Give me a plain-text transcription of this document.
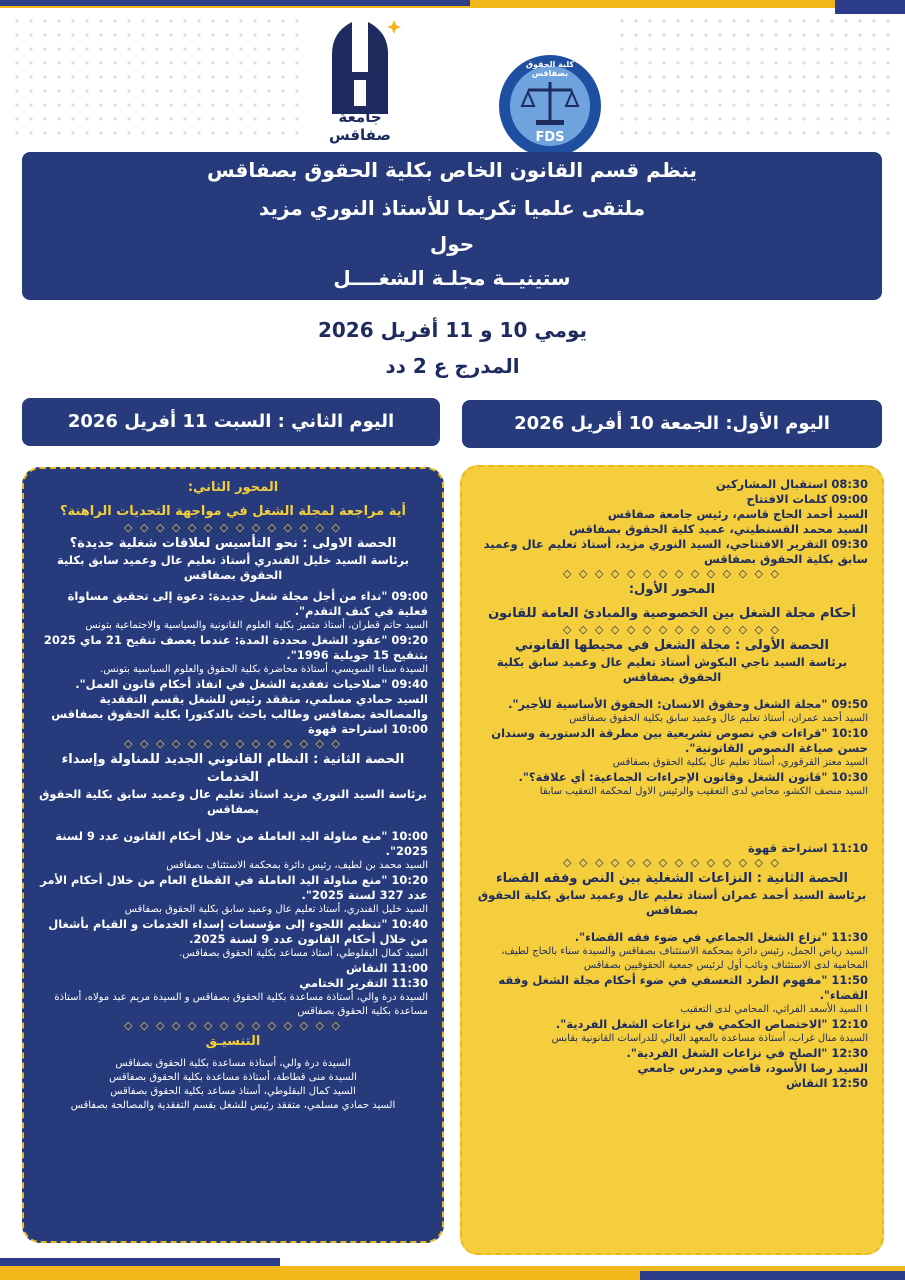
جامعة صفاقس
كلية الحقوق بصفاقس
FDS
ينظم قسم القانون الخاص بكلية الحقوق بصفاقس
ملتقى علميا تكريما للأستاذ النوري مزيد
حول
ستينيــة مجلـة الشغــــل
يومي 10 و 11 أفريل 2026
المدرج ع 2 دد
اليوم الأول: الجمعة 10 أفريل 2026
اليوم الثاني : السبت 11 أفريل 2026

08:30 استقبال المشاركين

09:00 كلمات الافتتاح

السيد أحمد الحاج قاسم، رئيس جامعة صفاقس

السيد محمد القسنطيني، عميد كلية الحقوق بصفاقس

09:30 التقرير الافتتاحي، السيد النوري مزيد، أستاذ تعليم عال وعميد سابق بكلية الحقوق بصفاقس

◇ ◇ ◇ ◇ ◇ ◇ ◇ ◇ ◇ ◇ ◇ ◇ ◇ ◇

المحور الأول:

أحكام مجلة الشغل بين الخصوصية والمبادئ العامة للقانون

◇ ◇ ◇ ◇ ◇ ◇ ◇ ◇ ◇ ◇ ◇ ◇ ◇ ◇

الحصة الأولى : مجلة الشغل في محيطها القانوني

برئاسة السيد ناجي البكوش أستاذ تعليم عال وعميد سابق بكلية الحقوق بصفاقس

09:50 "مجلة الشغل وحقوق الانسان: الحقوق الأساسية للأجير".

السيد أحمد عمران، أستاذ تعليم عال وعميد سابق بكلية الحقوق بصفاقس

10:10 "قراءات في نصوص تشريعية بين مطرقة الدستورية وسندان حسن صياغة النصوص القانونية".

السيد معتز القرقوري، أستاذ تعليم عال بكلية الحقوق بصفاقس

10:30 "قانون الشغل وقانون الإجراءات الجماعية: أي علاقة؟".

السيد منصف الكشو، محامي لدى التعقيب والرئيس الاول لمحكمة التعقيب سابقا

11:10 استراحة قهوة

◇ ◇ ◇ ◇ ◇ ◇ ◇ ◇ ◇ ◇ ◇ ◇ ◇ ◇

الحصة الثانية : النزاعات الشغلية بين النص وفقه القضاء

برئاسة السيد أحمد عمران أستاذ تعليم عال وعميد سابق بكلية الحقوق بصفاقس

11:30 "نزاع الشغل الجماعي في ضوء فقه القضاء".

السيد رياض الجمل، رئيس دائرة بمحكمة الاستئناف بصفاقس والسيدة سناء بالحاج لطيف، المحامية لدى الاستئناف ونائب أول لرئيس جمعية الحقوقيين بصفاقس

11:50 "مفهوم الطرد التعسفي في ضوء أحكام مجلة الشغل وفقه القضاء".

ا السيد الأسعد الفراتي، المحامي لدى التعقيب

12:10 "الاختصاص الحكمي في نزاعات الشغل الفردية".

السيدة منال غراب، أستاذة مساعدة بالمعهد العالي للدراسات القانونية بقابس

12:30 "الصلح في نزاعات الشغل الفردية".

السيد رضا الأسود، قاضي ومدرس جامعي

12:50 النقاش

المحور الثاني:

أية مراجعة لمجلة الشغل في مواجهة التحديات الراهنة؟

◇ ◇ ◇ ◇ ◇ ◇ ◇ ◇ ◇ ◇ ◇ ◇ ◇ ◇

الحصة الاولى : نحو التأسيس لعلاقات شغلية جديدة؟

برئاسة السيد خليل الفندري أستاذ تعليم عال وعميد سابق بكلية الحقوق بصفاقس

09:00 "نداء من أجل مجلة شغل جديدة: دعوة إلى تحقيق مساواة فعلية في كنف التقدم".

السيد حاتم قطران، أستاذ متميز بكلية العلوم القانونية والسياسية والاجتماعية بتونس

09:20 "عقود الشغل محددة المدة: عندما يعصف تنقيح 21 ماي 2025 بتنقيح 15 جويلية 1996".

السيدة سناء السويسي، أستاذة محاضرة بكلية الحقوق والعلوم السياسية بتونس.

09:40 "صلاحيات تفقدية الشغل في انفاذ أحكام قانون العمل".

السيد حمادي مسلمي، متفقد رئيس للشغل بقسم التفقدية والمصالحة بصفاقس وطالب باحث بالدكتورا بكلية الحقوق بصفاقس

10:00 استراحة قهوة

◇ ◇ ◇ ◇ ◇ ◇ ◇ ◇ ◇ ◇ ◇ ◇ ◇ ◇

الحصة الثانية : النظام القانوني الجديد للمناولة وإسداء الخدمات

برئاسة السيد النوري مزيد استاذ تعليم عال وعميد سابق بكلية الحقوق بصفاقس

10:00 "منع مناولة اليد العاملة من خلال أحكام القانون عدد 9 لسنة 2025".

السيد محمد بن لطيف، رئيس دائرة بمحكمة الاستئناف بصفاقس

10:20 "منع مناولة اليد العاملة في القطاع العام من خلال أحكام الأمر عدد 327 لسنة 2025".

السيد خليل الفندري، أستاذ تعليم عال وعميد سابق بكلية الحقوق بصفاقس

10:40 "تنظيم اللجوء إلى مؤسسات إسداء الخدمات و القيام بأشغال من خلال أحكام القانون عدد 9 لسنة 2025.

السيد كمال البقلوطي، أستاذ مساعد بكلية الحقوق بصفاقس.

11:00 النقاش

11:30 التقرير الختامي

السيدة درة والي، أستاذة مساعدة بكلية الحقوق بصفاقس و السيدة مريم عبد مولاه، أستاذة مساعدة بكلية الحقوق بصفاقس

◇ ◇ ◇ ◇ ◇ ◇ ◇ ◇ ◇ ◇ ◇ ◇ ◇ ◇

التنسيـق

السيدة درة والي، أستاذة مساعدة بكلية الحقوق بصفاقس

السيدة منى قطاطة، أستاذة مساعدة بكلية الحقوق بصفاقس

السيد كمال البقلوطي، أستاذ مساعد بكلية الحقوق بصفاقس

السيد حمادي مسلمي، متفقد رئيس للشغل بقسم التفقدية والمصالحة بصفاقس
